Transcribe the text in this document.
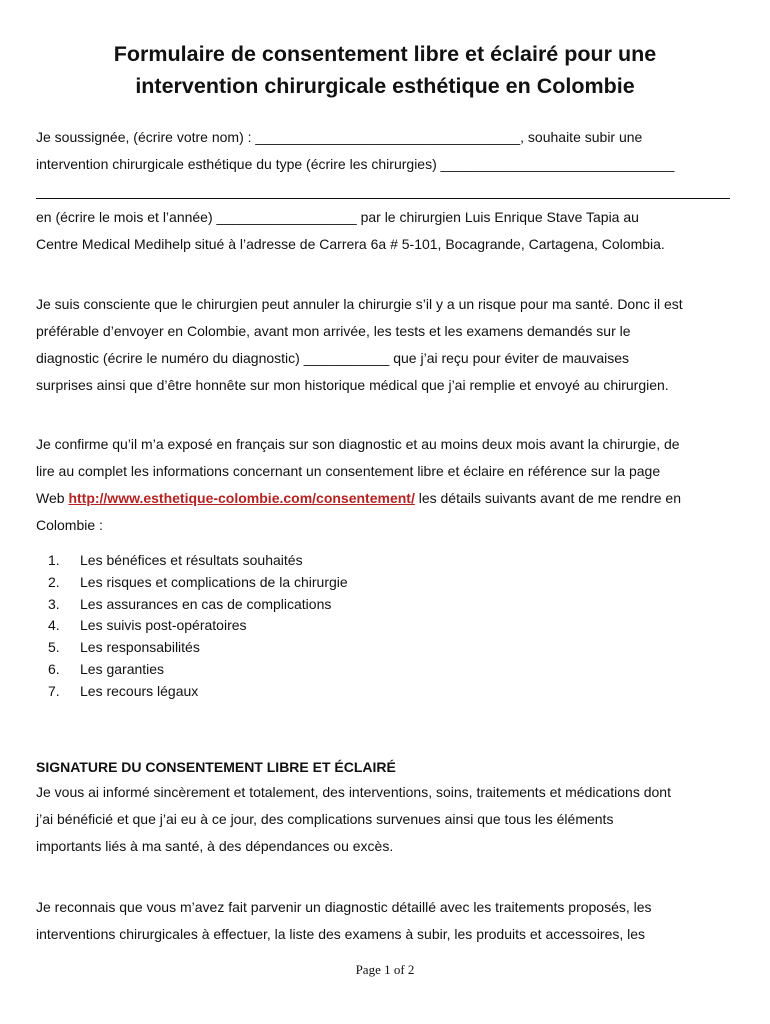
Formulaire de consentement libre et éclairé pour une
intervention chirurgicale esthétique en Colombie
Je soussignée, (écrire votre nom) : __________________________________, souhaite subir une
intervention chirurgicale esthétique du type (écrire les chirurgies) ______________________________
en (écrire le mois et l’année) __________________ par le chirurgien Luis Enrique Stave Tapia au
Centre Medical Medihelp situé à l’adresse de Carrera 6a # 5-101, Bocagrande, Cartagena, Colombia.
Je suis consciente que le chirurgien peut annuler la chirurgie s’il y a un risque pour ma santé. Donc il est
préférable d’envoyer en Colombie, avant mon arrivée, les tests et les examens demandés sur le
diagnostic (écrire le numéro du diagnostic) ___________ que j’ai reçu pour éviter de mauvaises
surprises ainsi que d’être honnête sur mon historique médical que j’ai remplie et envoyé au chirurgien.
Je confirme qu’il m’a exposé en français sur son diagnostic et au moins deux mois avant la chirurgie, de
lire au complet les informations concernant un consentement libre et éclaire en référence sur la page
Web http://www.esthetique-colombie.com/consentement/ les détails suivants avant de me rendre en
Colombie :
1. Les bénéfices et résultats souhaités
2. Les risques et complications de la chirurgie
3. Les assurances en cas de complications
4. Les suivis post-opératoires
5. Les responsabilités
6. Les garanties
7. Les recours légaux
SIGNATURE DU CONSENTEMENT LIBRE ET ÉCLAIRÉ
Je vous ai informé sincèrement et totalement, des interventions, soins, traitements et médications dont
j’ai bénéficié et que j’ai eu à ce jour, des complications survenues ainsi que tous les éléments
importants liés à ma santé, à des dépendances ou excès.
Je reconnais que vous m’avez fait parvenir un diagnostic détaillé avec les traitements proposés, les
interventions chirurgicales à effectuer, la liste des examens à subir, les produits et accessoires, les
Page 1 of 2
